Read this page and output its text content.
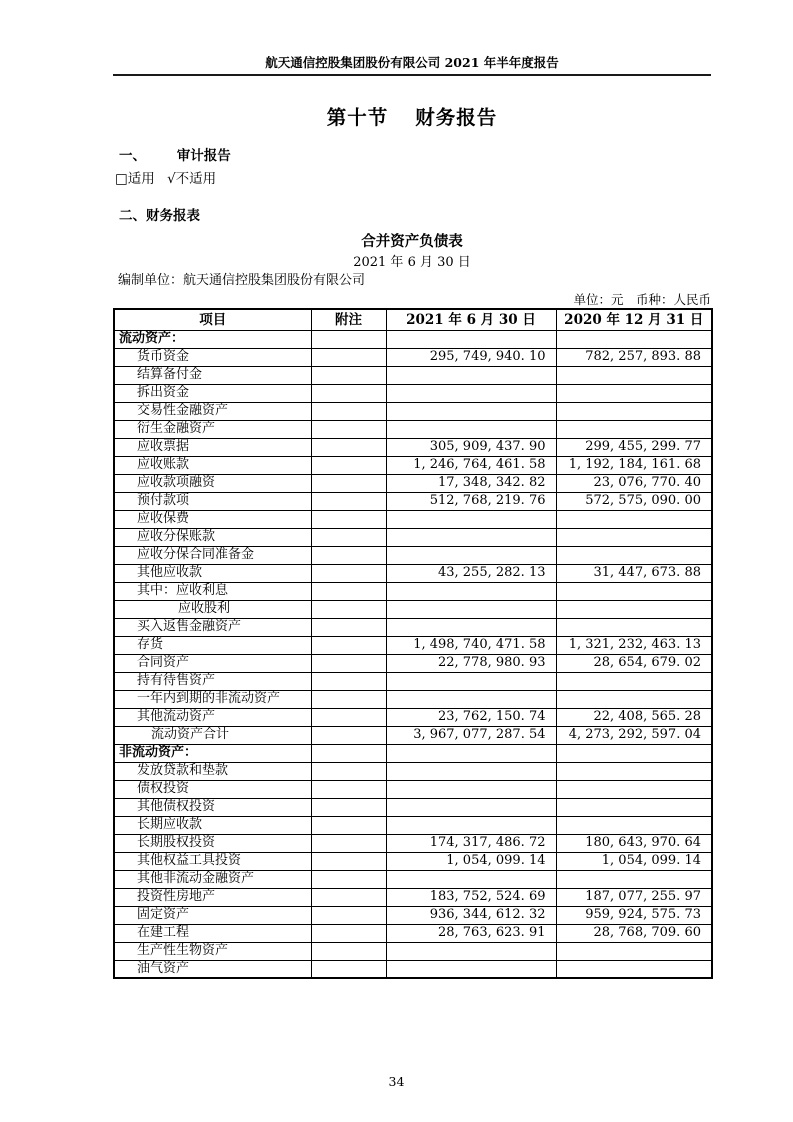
航天通信控股集团股份有限公司 2021 年半年度报告
第十节 财务报告
一、 审计报告
□适用 √不适用
二、财务报表
合并资产负债表
2021 年 6 月 30 日
编制单位：航天通信控股集团股份有限公司
单位：元　币种：人民币
项目	附注	2021 年 6 月 30 日	2020 年 12 月 31 日
流动资产：			
货币资金		295, 749, 940. 10	782, 257, 893. 88
结算备付金			
拆出资金			
交易性金融资产			
衍生金融资产			
应收票据		305, 909, 437. 90	299, 455, 299. 77
应收账款		1, 246, 764, 461. 58	1, 192, 184, 161. 68
应收款项融资		17, 348, 342. 82	23, 076, 770. 40
预付款项		512, 768, 219. 76	572, 575, 090. 00
应收保费			
应收分保账款			
应收分保合同准备金			
其他应收款		43, 255, 282. 13	31, 447, 673. 88
其中：应收利息			
应收股利			
买入返售金融资产			
存货		1, 498, 740, 471. 58	1, 321, 232, 463. 13
合同资产		22, 778, 980. 93	28, 654, 679. 02
持有待售资产			
一年内到期的非流动资产			
其他流动资产		23, 762, 150. 74	22, 408, 565. 28
流动资产合计		3, 967, 077, 287. 54	4, 273, 292, 597. 04
非流动资产：			
发放贷款和垫款			
债权投资			
其他债权投资			
长期应收款			
长期股权投资		174, 317, 486. 72	180, 643, 970. 64
其他权益工具投资		1, 054, 099. 14	1, 054, 099. 14
其他非流动金融资产			
投资性房地产		183, 752, 524. 69	187, 077, 255. 97
固定资产		936, 344, 612. 32	959, 924, 575. 73
在建工程		28, 763, 623. 91	28, 768, 709. 60
生产性生物资产			
油气资产			
34
